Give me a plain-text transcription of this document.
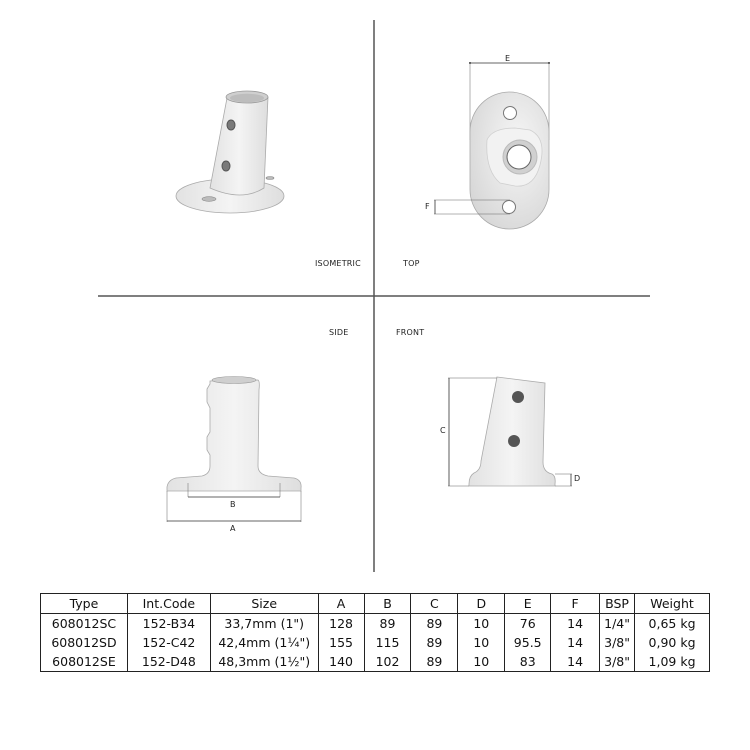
ISOMETRIC	TOP
SIDE	FRONT
E
F
B
A
C
D
Type	Int.Code	Size	A	B	C	D	E	F	BSP	Weight
608012SC	152-B34	33,7mm (1")	128	89	89	10	76	14	1/4"	0,65 kg
608012SD	152-C42	42,4mm (1¼")	155	115	89	10	95.5	14	3/8"	0,90 kg
608012SE	152-D48	48,3mm (1½")	140	102	89	10	83	14	3/8"	1,09 kg
